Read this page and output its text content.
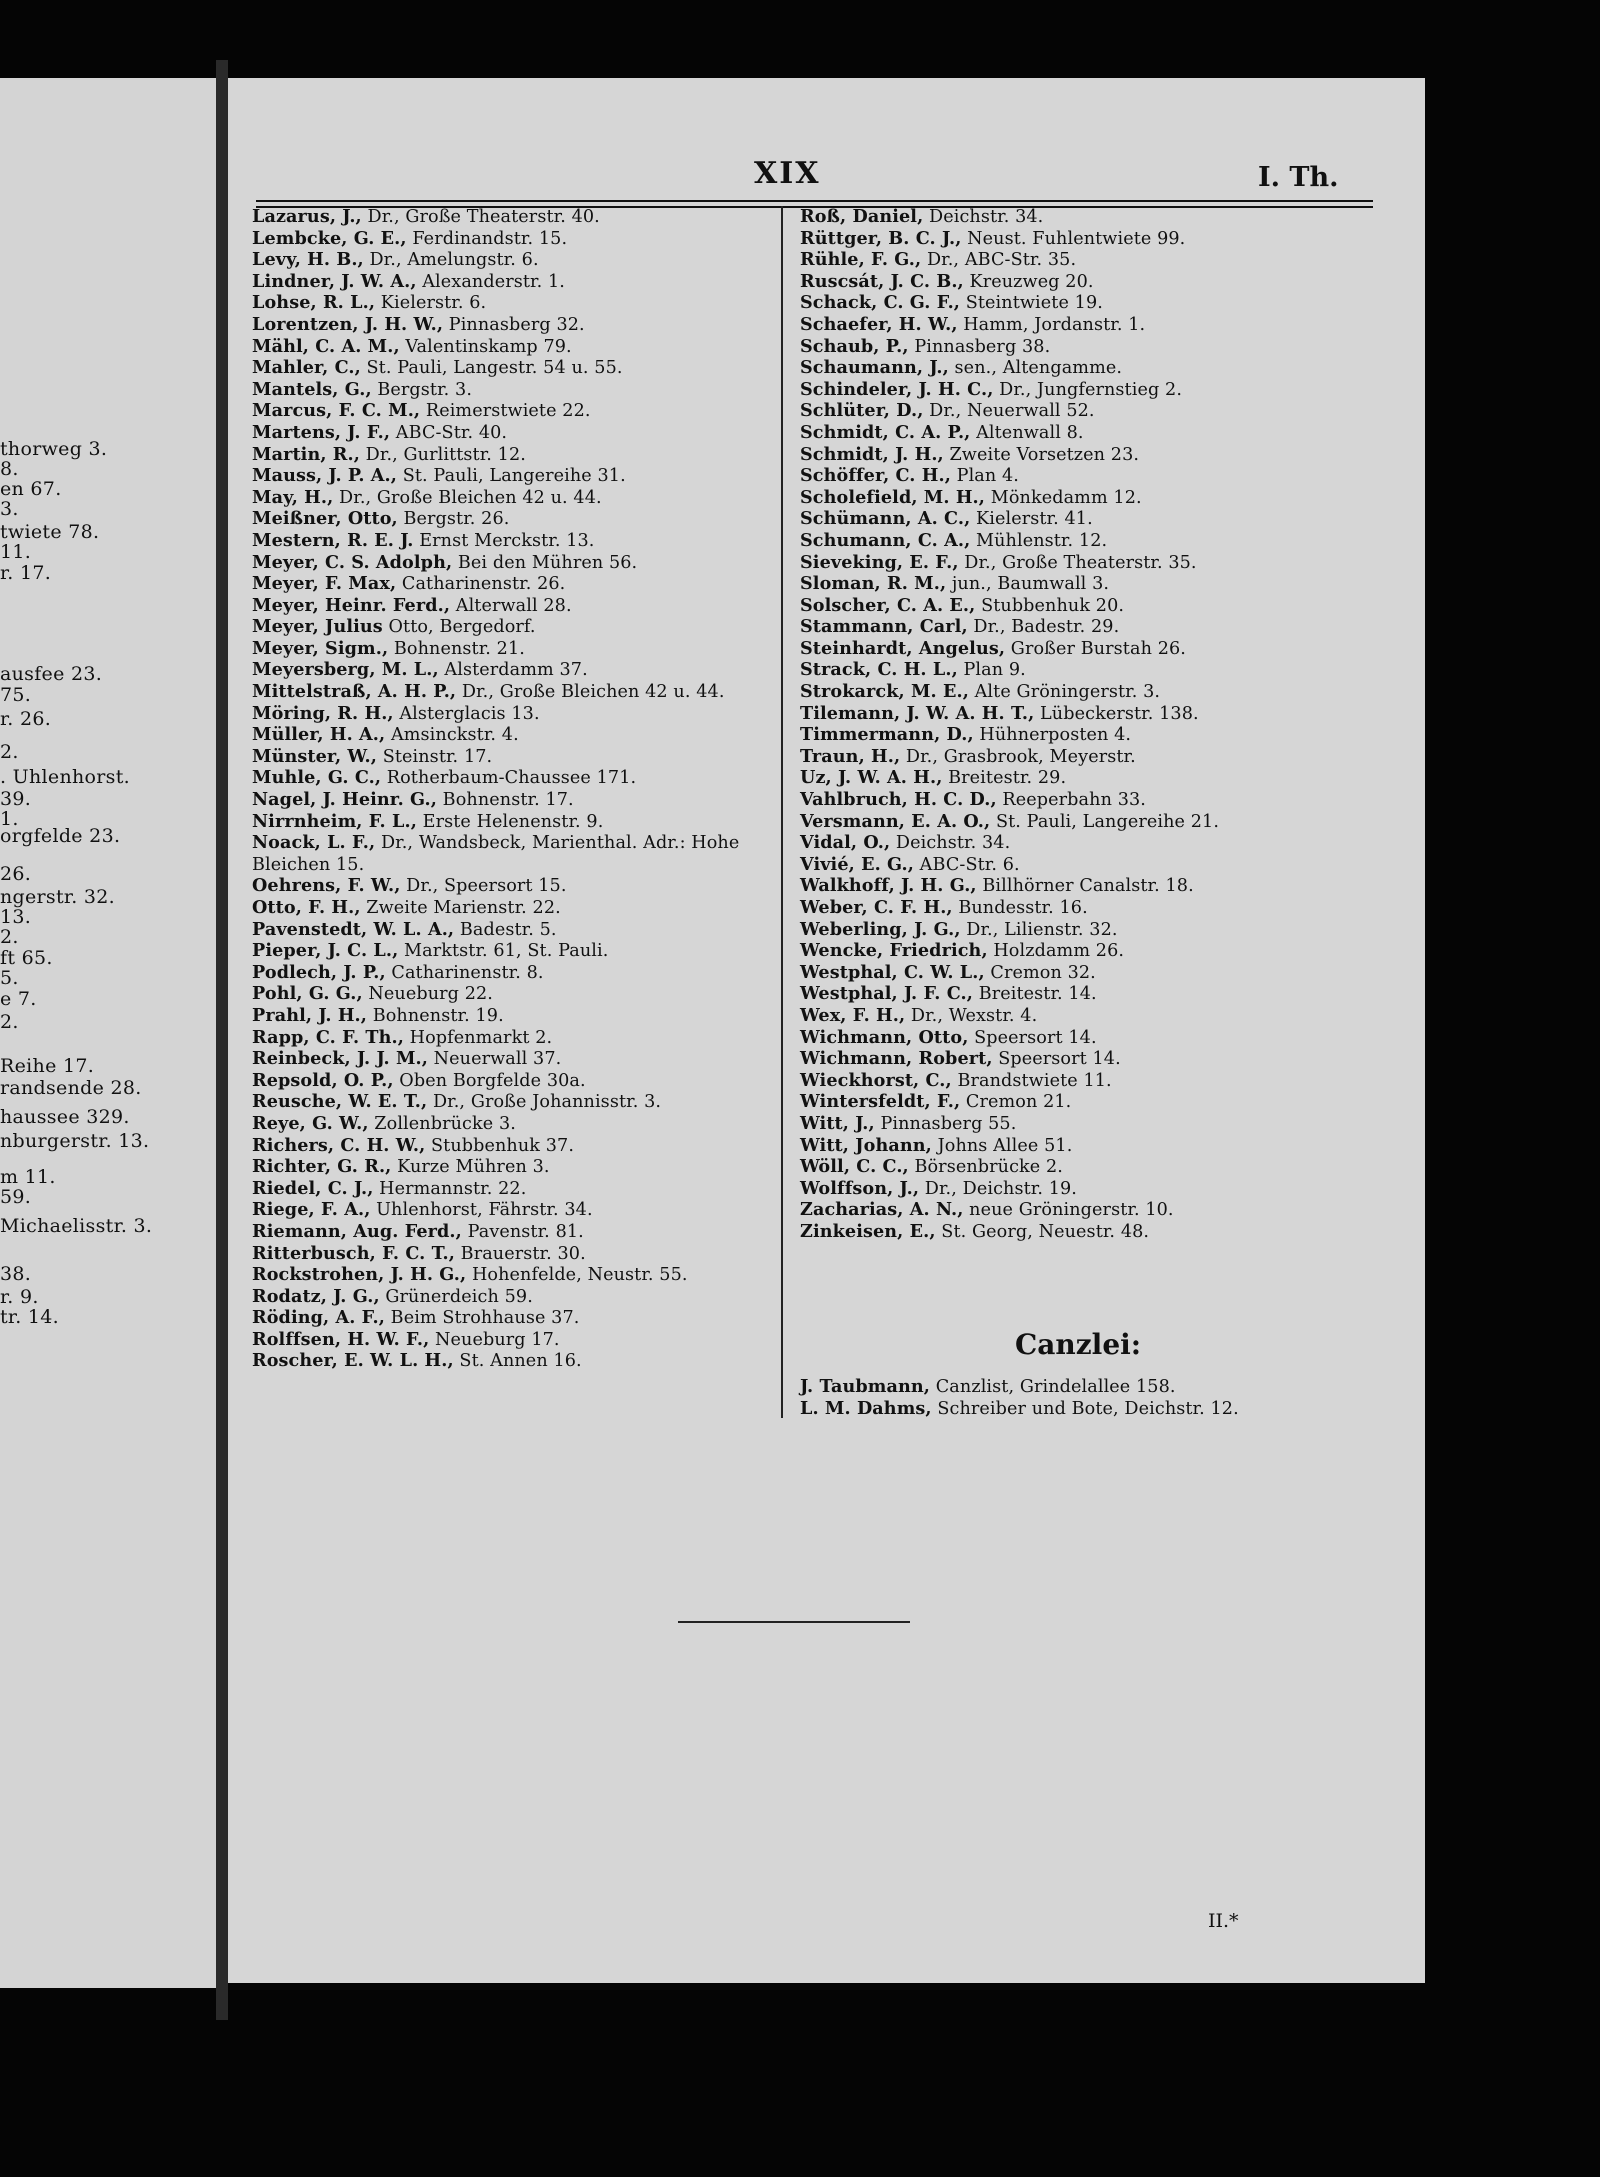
thorweg 3.
8.
en 67.
3.
twiete 78.
11.
r. 17.
ausfee 23.
75.
r. 26.
2.
. Uhlenhorst.
39.
1.
orgfelde 23.
26.
ngerstr. 32.
13.
2.
ft 65.
5.
e 7.
2.
Reihe 17.
randsende 28.
haussee 329.
nburgerstr. 13.
m 11.
59.
Michaelisstr. 3.
38.
r. 9.
tr. 14.
XIX	I. Th.
Lazarus, J., Dr., Große Theaterstr. 40.
Lembcke, G. E., Ferdinandstr. 15.
Levy, H. B., Dr., Amelungstr. 6.
Lindner, J. W. A., Alexanderstr. 1.
Lohse, R. L., Kielerstr. 6.
Lorentzen, J. H. W., Pinnasberg 32.
Mähl, C. A. M., Valentinskamp 79.
Mahler, C., St. Pauli, Langestr. 54 u. 55.
Mantels, G., Bergstr. 3.
Marcus, F. C. M., Reimerstwiete 22.
Martens, J. F., ABC-Str. 40.
Martin, R., Dr., Gurlittstr. 12.
Mauss, J. P. A., St. Pauli, Langereihe 31.
May, H., Dr., Große Bleichen 42 u. 44.
Meißner, Otto, Bergstr. 26.
Mestern, R. E. J. Ernst Merckstr. 13.
Meyer, C. S. Adolph, Bei den Mühren 56.
Meyer, F. Max, Catharinenstr. 26.
Meyer, Heinr. Ferd., Alterwall 28.
Meyer, Julius Otto, Bergedorf.
Meyer, Sigm., Bohnenstr. 21.
Meyersberg, M. L., Alsterdamm 37.
Mittelstraß, A. H. P., Dr., Große Bleichen 42 u. 44.
Möring, R. H., Alsterglacis 13.
Müller, H. A., Amsinckstr. 4.
Münster, W., Steinstr. 17.
Muhle, G. C., Rotherbaum-Chaussee 171.
Nagel, J. Heinr. G., Bohnenstr. 17.
Nirrnheim, F. L., Erste Helenenstr. 9.
Noack, L. F., Dr., Wandsbeck, Marienthal. Adr.: Hohe Bleichen 15.
Oehrens, F. W., Dr., Speersort 15.
Otto, F. H., Zweite Marienstr. 22.
Pavenstedt, W. L. A., Badestr. 5.
Pieper, J. C. L., Marktstr. 61, St. Pauli.
Podlech, J. P., Catharinenstr. 8.
Pohl, G. G., Neueburg 22.
Prahl, J. H., Bohnenstr. 19.
Rapp, C. F. Th., Hopfenmarkt 2.
Reinbeck, J. J. M., Neuerwall 37.
Repsold, O. P., Oben Borgfelde 30a.
Reusche, W. E. T., Dr., Große Johannisstr. 3.
Reye, G. W., Zollenbrücke 3.
Richers, C. H. W., Stubbenhuk 37.
Richter, G. R., Kurze Mühren 3.
Riedel, C. J., Hermannstr. 22.
Riege, F. A., Uhlenhorst, Fährstr. 34.
Riemann, Aug. Ferd., Pavenstr. 81.
Ritterbusch, F. C. T., Brauerstr. 30.
Rockstrohen, J. H. G., Hohenfelde, Neustr. 55.
Rodatz, J. G., Grünerdeich 59.
Röding, A. F., Beim Strohhause 37.
Rolffsen, H. W. F., Neueburg 17.
Roscher, E. W. L. H., St. Annen 16.
Roß, Daniel, Deichstr. 34.
Rüttger, B. C. J., Neust. Fuhlentwiete 99.
Rühle, F. G., Dr., ABC-Str. 35.
Ruscsát, J. C. B., Kreuzweg 20.
Schack, C. G. F., Steintwiete 19.
Schaefer, H. W., Hamm, Jordanstr. 1.
Schaub, P., Pinnasberg 38.
Schaumann, J., sen., Altengamme.
Schindeler, J. H. C., Dr., Jungfernstieg 2.
Schlüter, D., Dr., Neuerwall 52.
Schmidt, C. A. P., Altenwall 8.
Schmidt, J. H., Zweite Vorsetzen 23.
Schöffer, C. H., Plan 4.
Scholefield, M. H., Mönkedamm 12.
Schümann, A. C., Kielerstr. 41.
Schumann, C. A., Mühlenstr. 12.
Sieveking, E. F., Dr., Große Theaterstr. 35.
Sloman, R. M., jun., Baumwall 3.
Solscher, C. A. E., Stubbenhuk 20.
Stammann, Carl, Dr., Badestr. 29.
Steinhardt, Angelus, Großer Burstah 26.
Strack, C. H. L., Plan 9.
Strokarck, M. E., Alte Gröningerstr. 3.
Tilemann, J. W. A. H. T., Lübeckerstr. 138.
Timmermann, D., Hühnerposten 4.
Traun, H., Dr., Grasbrook, Meyerstr.
Uz, J. W. A. H., Breitestr. 29.
Vahlbruch, H. C. D., Reeperbahn 33.
Versmann, E. A. O., St. Pauli, Langereihe 21.
Vidal, O., Deichstr. 34.
Vivié, E. G., ABC-Str. 6.
Walkhoff, J. H. G., Billhörner Canalstr. 18.
Weber, C. F. H., Bundesstr. 16.
Weberling, J. G., Dr., Lilienstr. 32.
Wencke, Friedrich, Holzdamm 26.
Westphal, C. W. L., Cremon 32.
Westphal, J. F. C., Breitestr. 14.
Wex, F. H., Dr., Wexstr. 4.
Wichmann, Otto, Speersort 14.
Wichmann, Robert, Speersort 14.
Wieckhorst, C., Brandstwiete 11.
Wintersfeldt, F., Cremon 21.
Witt, J., Pinnasberg 55.
Witt, Johann, Johns Allee 51.
Wöll, C. C., Börsenbrücke 2.
Wolffson, J., Dr., Deichstr. 19.
Zacharias, A. N., neue Gröningerstr. 10.
Zinkeisen, E., St. Georg, Neuestr. 48.
Canzlei:
J. Taubmann, Canzlist, Grindelallee 158.
L. M. Dahms, Schreiber und Bote, Deichstr. 12.
II.*
